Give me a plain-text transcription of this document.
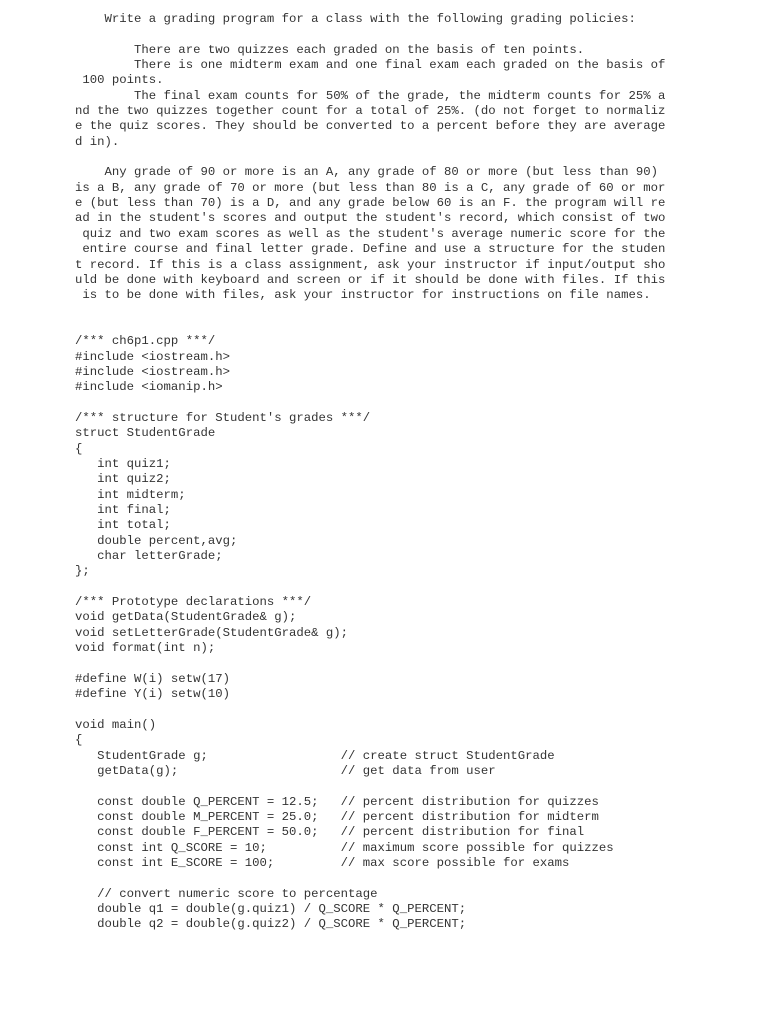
Write a grading program for a class with the following grading policies:

There are two quizzes each graded on the basis of ten points.
There is one midterm exam and one final exam each graded on the basis of
100 points.
The final exam counts for 50% of the grade, the midterm counts for 25% a
nd the two quizzes together count for a total of 25%. (do not forget to normaliz
e the quiz scores. They should be converted to a percent before they are average
d in).

Any grade of 90 or more is an A, any grade of 80 or more (but less than 90)
is a B, any grade of 70 or more (but less than 80 is a C, any grade of 60 or mor
e (but less than 70) is a D, and any grade below 60 is an F. the program will re
ad in the student's scores and output the student's record, which consist of two
quiz and two exam scores as well as the student's average numeric score for the
entire course and final letter grade. Define and use a structure for the studen
t record. If this is a class assignment, ask your instructor if input/output sho
uld be done with keyboard and screen or if it should be done with files. If this
is to be done with files, ask your instructor for instructions on file names.

/*** ch6p1.cpp ***/
#include <iostream.h>
#include <iostream.h>
#include <iomanip.h>

/*** structure for Student's grades ***/
struct StudentGrade
{
int quiz1;
int quiz2;
int midterm;
int final;
int total;
double percent,avg;
char letterGrade;
};

/*** Prototype declarations ***/
void getData(StudentGrade& g);
void setLetterGrade(StudentGrade& g);
void format(int n);

#define W(i) setw(17)
#define Y(i) setw(10)

void main()
{
StudentGrade g;                  // create struct StudentGrade
getData(g);                      // get data from user

const double Q_PERCENT = 12.5;   // percent distribution for quizzes
const double M_PERCENT = 25.0;   // percent distribution for midterm
const double F_PERCENT = 50.0;   // percent distribution for final
const int Q_SCORE = 10;          // maximum score possible for quizzes
const int E_SCORE = 100;         // max score possible for exams

// convert numeric score to percentage
double q1 = double(g.quiz1) / Q_SCORE * Q_PERCENT;
double q2 = double(g.quiz2) / Q_SCORE * Q_PERCENT;
